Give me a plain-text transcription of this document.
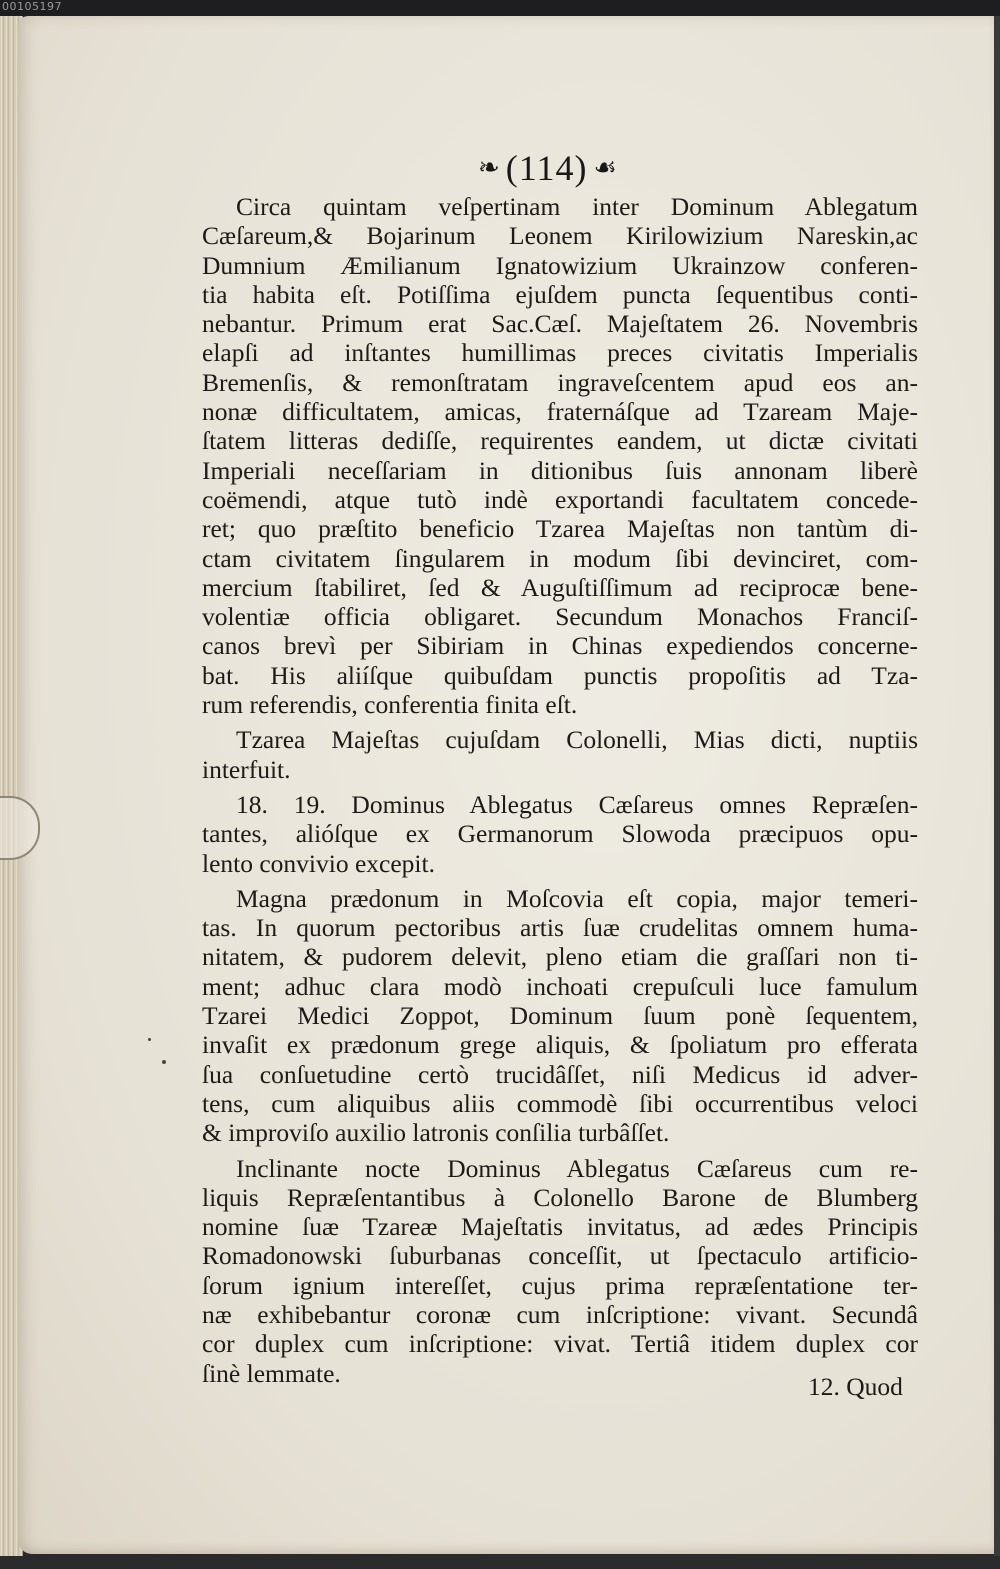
00105197
❧ (114) ☙
Circa quintam veſpertinam inter Dominum Ablegatum
Cæſareum,& Bojarinum Leonem Kirilowizium Nareskin,ac
Dumnium Æmilianum Ignatowizium Ukrainzow conferen-
tia habita eſt. Potiſſima ejuſdem puncta ſequentibus conti-
nebantur. Primum erat Sac.Cæſ. Majeſtatem 26. Novembris
elapſi ad inſtantes humillimas preces civitatis Imperialis
Bremenſis, & remonſtratam ingraveſcentem apud eos an-
nonæ difficultatem, amicas, fraternáſque ad Tzaream Maje-
ſtatem litteras dediſſe, requirentes eandem, ut dictæ civitati
Imperiali neceſſariam in ditionibus ſuis annonam liberè
coëmendi, atque tutò indè exportandi facultatem concede-
ret; quo præſtito beneficio Tzarea Majeſtas non tantùm di-
ctam civitatem ſingularem in modum ſibi devinciret, com-
mercium ſtabiliret, ſed & Auguſtiſſimum ad reciprocæ bene-
volentiæ officia obligaret. Secundum Monachos Franciſ-
canos brevì per Sibiriam in Chinas expediendos concerne-
bat. His aliíſque quibuſdam punctis propoſitis ad Tza-
rum referendis, conferentia finita eſt.
Tzarea Majeſtas cujuſdam Colonelli, Mias dicti, nuptiis
interfuit.
18. 19. Dominus Ablegatus Cæſareus omnes Repræſen-
tantes, alióſque ex Germanorum Slowoda præcipuos opu-
lento convivio excepit.
Magna prædonum in Moſcovia eſt copia, major temeri-
tas. In quorum pectoribus artis ſuæ crudelitas omnem huma-
nitatem, & pudorem delevit, pleno etiam die graſſari non ti-
ment; adhuc clara modò inchoati crepuſculi luce famulum
Tzarei Medici Zoppot, Dominum ſuum ponè ſequentem,
invaſit ex prædonum grege aliquis, & ſpoliatum pro efferata
ſua conſuetudine certò trucidâſſet, niſi Medicus id adver-
tens, cum aliquibus aliis commodè ſibi occurrentibus veloci
& improviſo auxilio latronis conſilia turbâſſet.
Inclinante nocte Dominus Ablegatus Cæſareus cum re-
liquis Repræſentantibus à Colonello Barone de Blumberg
nomine ſuæ Tzareæ Majeſtatis invitatus, ad ædes Principis
Romadonowski ſuburbanas conceſſit, ut ſpectaculo artificio-
ſorum ignium intereſſet, cujus prima repræſentatione ter-
næ exhibebantur coronæ cum inſcriptione: vivant. Secundâ
cor duplex cum inſcriptione: vivat. Tertiâ itidem duplex cor
ſinè lemmate.	12. Quod
